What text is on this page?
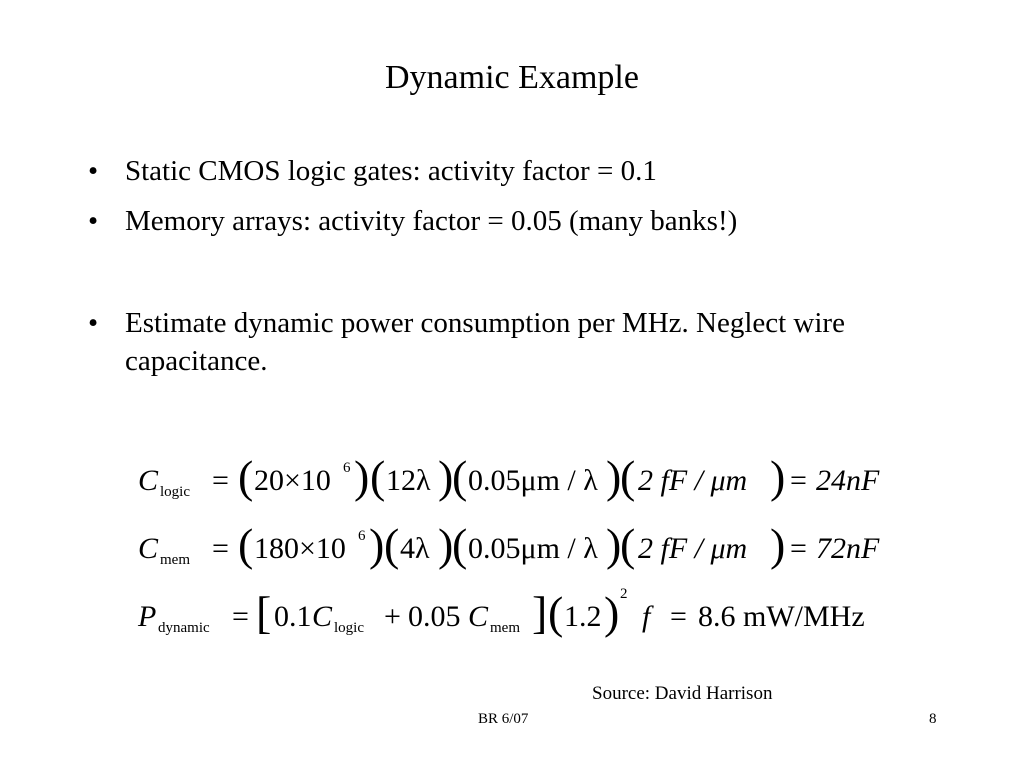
Dynamic Example
• Static CMOS logic gates: activity factor = 0.1
• Memory arrays: activity factor = 0.05 (many banks!)
• Estimate dynamic power consumption per MHz. Neglect wire capacitance.
C logic = ( 20×10 6 ) ( 12λ )
( 0.05μm / λ )
( 2 fF / μm ) = 24nF
C mem = ( 180×10 6 ) ( 4λ )
( 0.05μm / λ )
( 2 fF / μm ) = 72nF
P dynamic = [ 0.1 C logic + 0.05 C mem ] ( 1.2 ) 2
f = 8.6 mW/MHz
Source: David Harrison
BR 6/07	8
